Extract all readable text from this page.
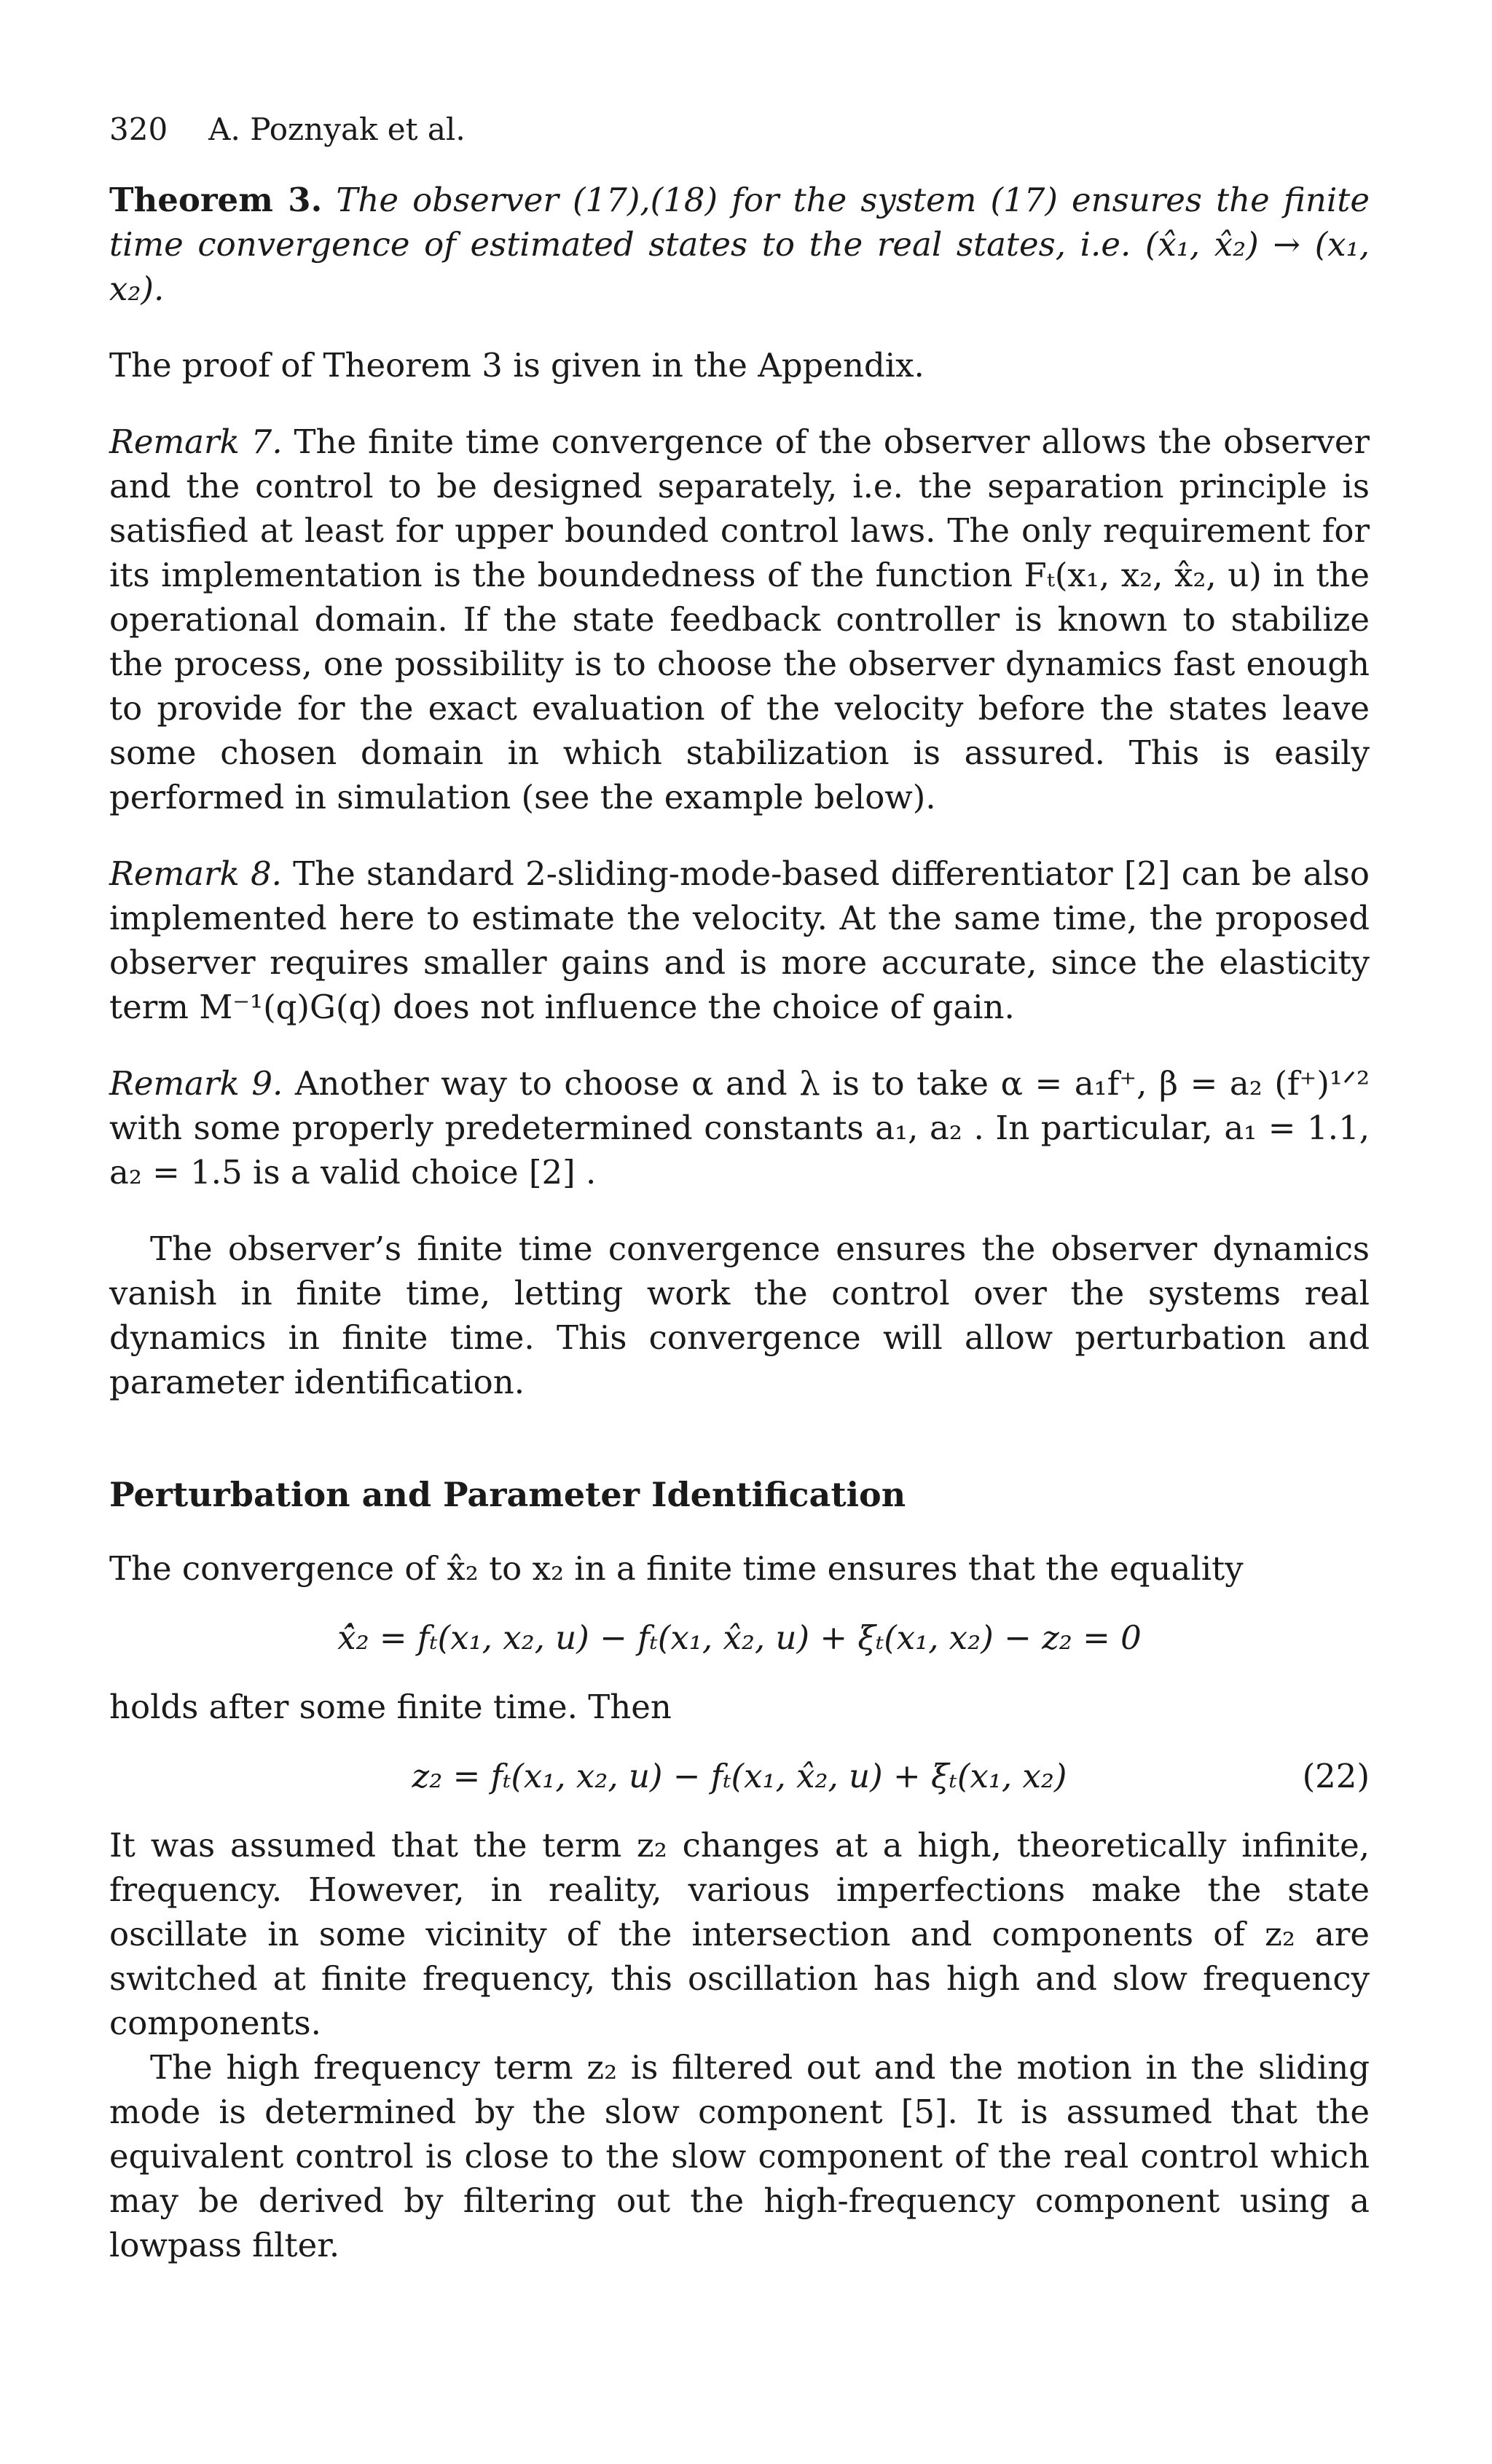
320 A. Poznyak et al.

Theorem 3. The observer (17),(18) for the system (17) ensures the finite time convergence of estimated states to the real states, i.e. (x̂₁, x̂₂) → (x₁, x₂).

The proof of Theorem 3 is given in the Appendix.

Remark 7. The finite time convergence of the observer allows the observer and the control to be designed separately, i.e. the separation principle is satisfied at least for upper bounded control laws. The only requirement for its implementation is the boundedness of the function Fₜ(x₁, x₂, x̂₂, u) in the operational domain. If the state feedback controller is known to stabilize the process, one possibility is to choose the observer dynamics fast enough to provide for the exact evaluation of the velocity before the states leave some chosen domain in which stabilization is assured. This is easily performed in simulation (see the example below).

Remark 8. The standard 2-sliding-mode-based differentiator [2] can be also implemented here to estimate the velocity. At the same time, the proposed observer requires smaller gains and is more accurate, since the elasticity term M⁻¹(q)G(q) does not influence the choice of gain.

Remark 9. Another way to choose α and λ is to take α = a₁f⁺, β = a₂ (f⁺)¹ᐟ² with some properly predetermined constants a₁, a₂ . In particular, a₁ = 1.1, a₂ = 1.5 is a valid choice [2] .

The observer’s finite time convergence ensures the observer dynamics vanish in finite time, letting work the control over the systems real dynamics in finite time. This convergence will allow perturbation and parameter identification.

Perturbation and Parameter Identification

The convergence of x̂₂ to x₂ in a finite time ensures that the equality

x̂̇₂ = fₜ(x₁, x₂, u) − fₜ(x₁, x̂₂, u) + ξₜ(x₁, x₂) − z₂ = 0

holds after some finite time. Then

z₂ = fₜ(x₁, x₂, u) − fₜ(x₁, x̂₂, u) + ξₜ(x₁, x₂)	(22)

It was assumed that the term z₂ changes at a high, theoretically infinite, frequency. However, in reality, various imperfections make the state oscillate in some vicinity of the intersection and components of z₂ are switched at finite frequency, this oscillation has high and slow frequency components.

The high frequency term z₂ is filtered out and the motion in the sliding mode is determined by the slow component [5]. It is assumed that the equivalent control is close to the slow component of the real control which may be derived by filtering out the high-frequency component using a lowpass filter.
